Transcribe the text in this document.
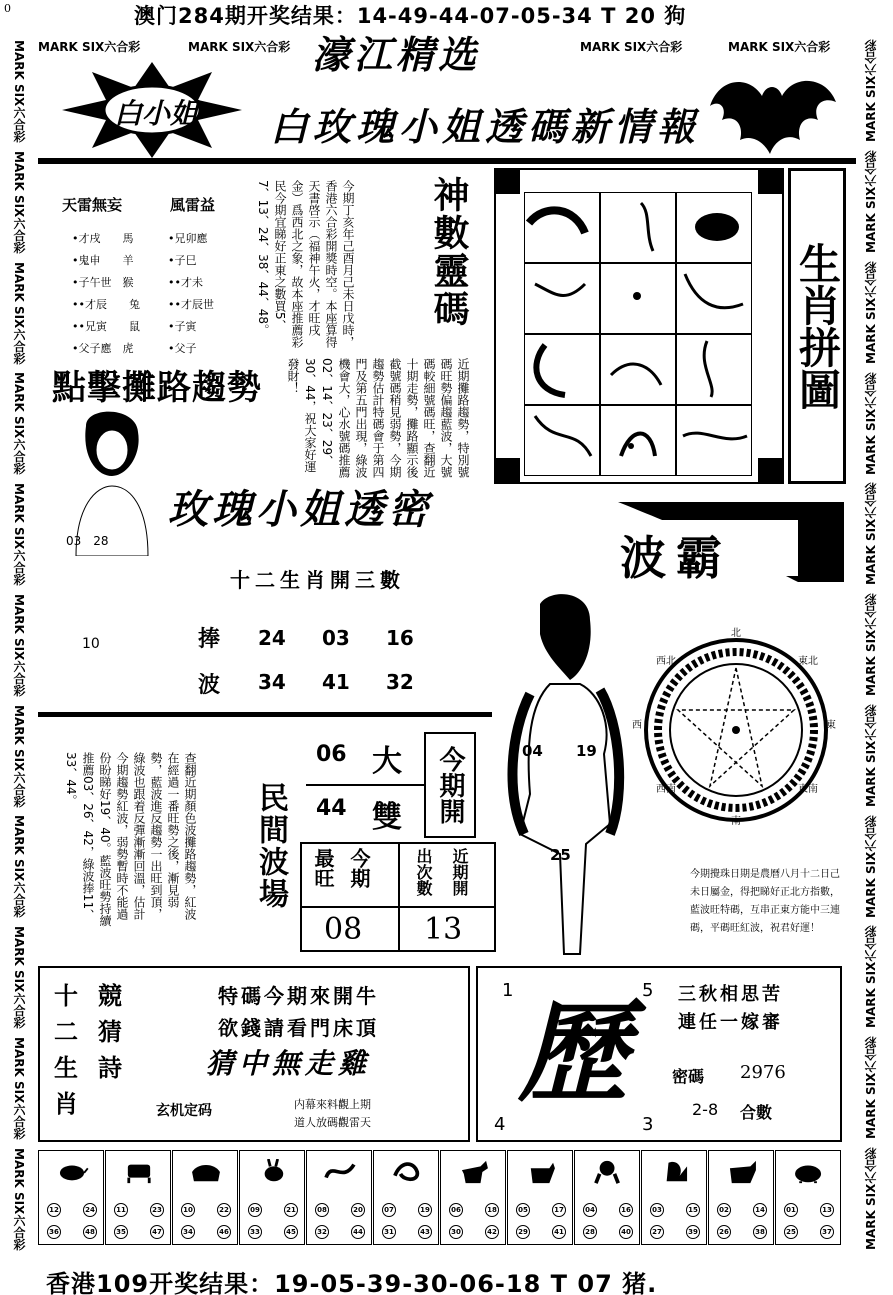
MARK SIX六合彩
MARK SIX六合彩
MARK SIX六合彩
MARK SIX六合彩
MARK SIX六合彩
MARK SIX六合彩
MARK SIX六合彩
MARK SIX六合彩
MARK SIX六合彩
MARK SIX六合彩
MARK SIX六合彩	MARK SIX六合彩
MARK SIX六合彩
MARK SIX六合彩
MARK SIX六合彩
MARK SIX六合彩
MARK SIX六合彩
MARK SIX六合彩
MARK SIX六合彩
MARK SIX六合彩
MARK SIX六合彩
MARK SIX六合彩
0	澳门284期开奖结果：14-49-44-07-05-34 T 20 狗
MARK SIX六合彩	MARK SIX六合彩	MARK SIX六合彩	MARK SIX六合彩
濠江精选
白小姐 白玫瑰小姐透碼新情報
天雷無妄	風雷益
•才戌　　馬
•鬼申　　羊
•子午世　猴
••才辰　　兔
••兄寅　　鼠
•父子應　虎
•兄卯應
•子巳
••才未
••才辰世
•子寅
•父子
今期丁亥年己酉月己未日戊時，香港六合彩開獎時空。本座算得天書啓示（福神午火，才旺戌金）爲西北之象，故本座推薦彩民今期宜睇好正東之數買5、7、13、24、38、44、48。	神數靈碼
近期攤路趨勢，特別號碼旺勢偏趨藍波，大號碼較細號碼旺，查翻近十期走勢，攤路顯示後截號碼稍見弱勢，今期趨勢估計特碼會于第四門及第五門出現，綠波機會大，心水號碼推薦02、14、23、29、30、44，祝大家好運發財！	生肖拼圖
點擊攤路趨勢
03　28
玫瑰小姐透密
十二生肖開三數
10	捧 24 03 16
波 34 41 32
波霸
04 19
25
北
西北	東北
西	東
西南	東南
南
今期攪珠日期是農曆八月十二日己未日屬金，得把睇好正北方指數，藍波旺特碼，互串正東方能中三連碼，平碼旺紅波，祝君好運！
查翻近期顏色波攤路趨勢，紅波在經過一番旺勢之後，漸見弱勢，藍波進反趨勢一出旺到頂，綠波也跟着反彈漸漸回溫，估計今期趨勢紅波，弱勢暫時不能過份盼睇好19、40。藍波旺勢持續推薦03、26、42，綠波捧11、33、44。
民間波場
06 大
44 雙	今期開
最旺 今期	出次數 近期開
08 13
十
二
生
肖
競
猜
詩
特碼今期來開牛
欲錢請看門床頂
猜中無走雞
玄机定码	内幕來料觀上期
道人放碼觀雷天
1	5
4	3
歷	三秋相思苦
連任一嫁審
密碼 2976
2-8 合數
12	24
36	48
11	23
35	47
10	22
34	46
09	21
33	45
08	20
32	44
07	19
31	43
06	18
30	42
05	17
29	41
04	16
28	40
03	15
27	39
02	14
26	38
01	13
25	37
香港109开奖结果：19-05-39-30-06-18 T 07 猪.
